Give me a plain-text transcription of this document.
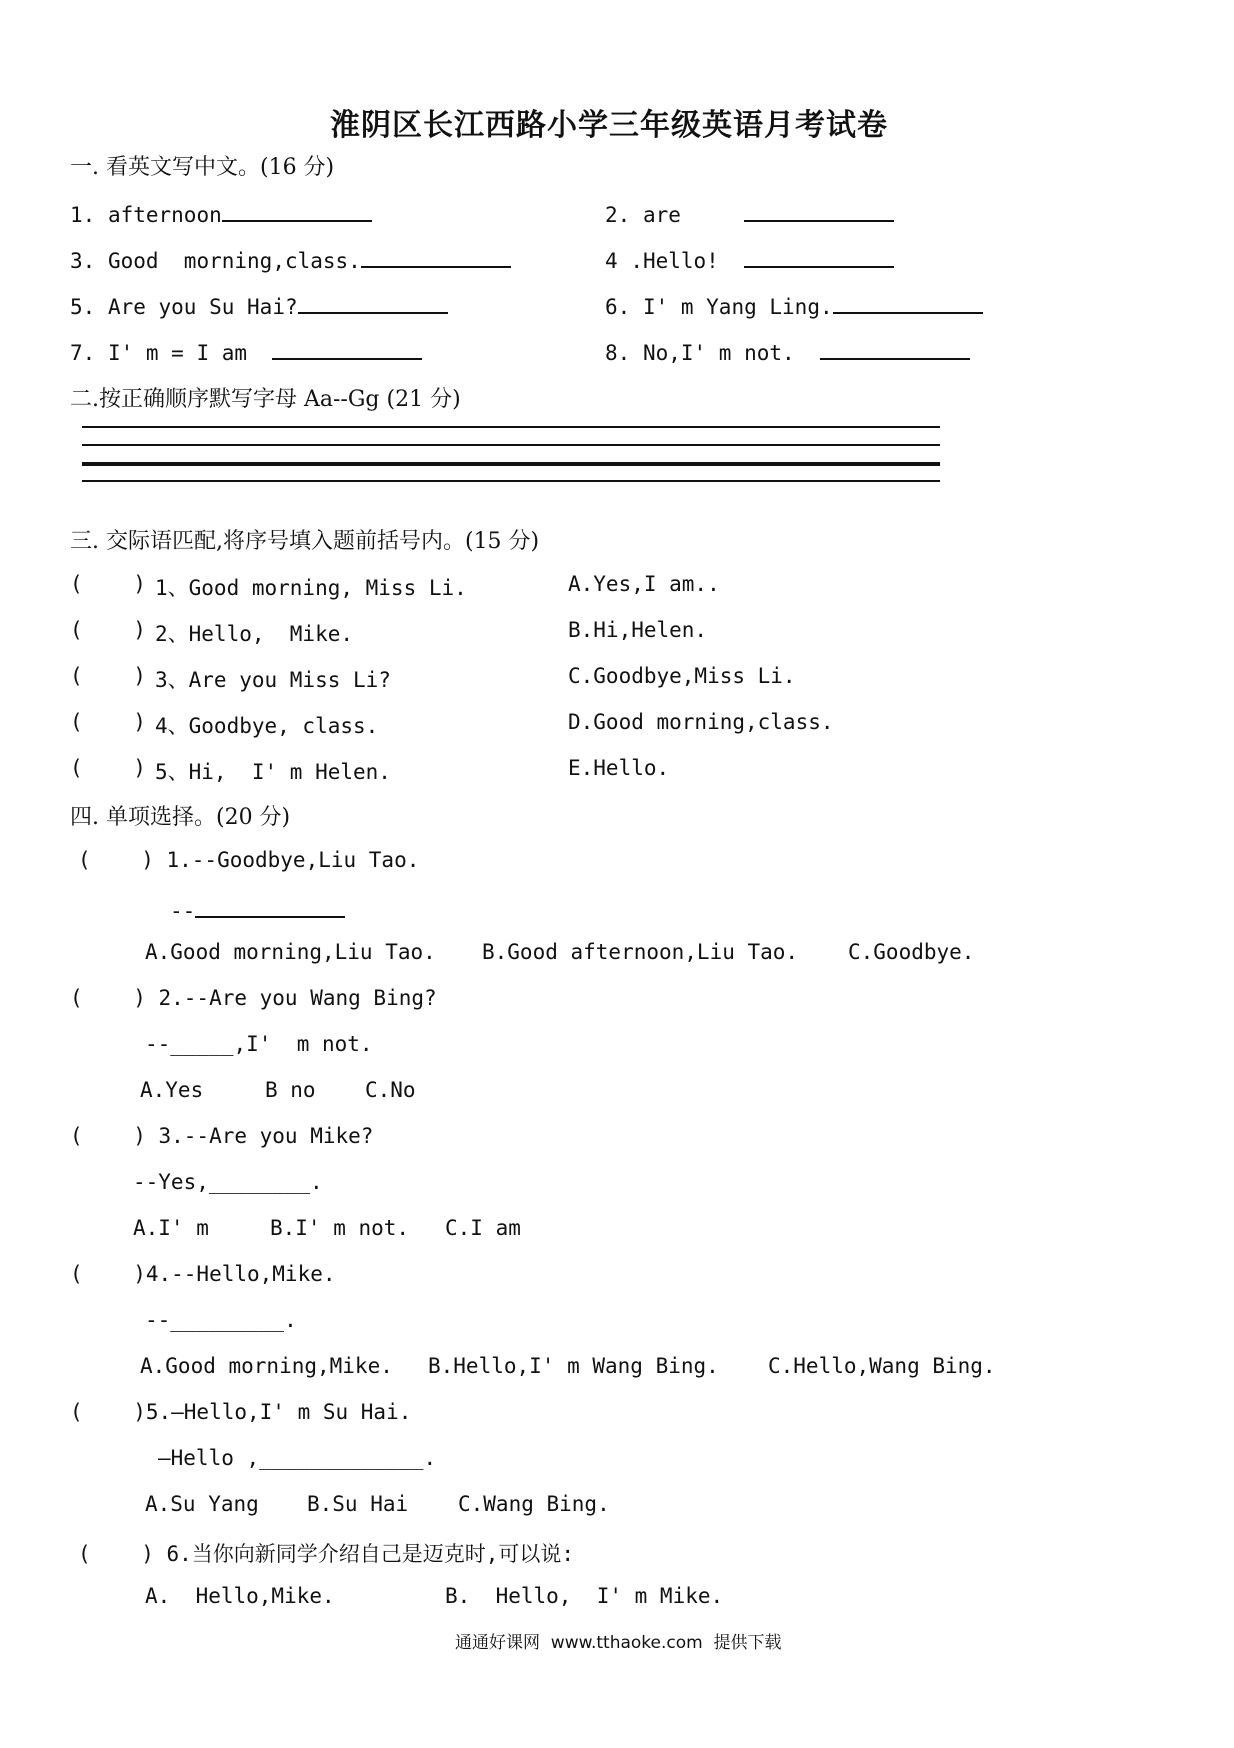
淮阴区长江西路小学三年级英语月考试卷
一. 看英文写中文。(16 分)
1. afternoon	2. are
3. Good  morning,class.	4 .Hello!
5. Are you Su Hai?	6. I' m Yang Ling.
7. I' m = I am	8. No,I' m not.
二.按正确顺序默写字母 Aa--Gg (21 分)
三. 交际语匹配,将序号填入题前括号内。(15 分)
(    ) 1、Good morning, Miss Li.	A.Yes,I am..
(    ) 2、Hello,  Mike.	B.Hi,Helen.
(    ) 3、Are you Miss Li?	C.Goodbye,Miss Li.
(    ) 4、Goodbye, class.	D.Good morning,class.
(    ) 5、Hi,  I' m Helen.	E.Hello.
四. 单项选择。(20 分)
(    ) 1.--Goodbye,Liu Tao.
--
A.Good morning,Liu Tao. B.Good afternoon,Liu Tao. C.Goodbye.
(    ) 2.--Are you Wang Bing?
--_____,I'  m not.
A.Yes	B no C.No
(    ) 3.--Are you Mike?
--Yes,________.
A.I' m	B.I' m not. C.I am
(    )4.--Hello,Mike.
--_________.
A.Good morning,Mike. B.Hello,I' m Wang Bing. C.Hello,Wang Bing.
(    )5.—Hello,I' m Su Hai.
—Hello ,_____________.
A.Su Yang B.Su Hai C.Wang Bing.
(    ) 6.当你向新同学介绍自己是迈克时,可以说:
A.  Hello,Mike.	B.  Hello,  I' m Mike.
通通好课网  www.tthaoke.com  提供下载
